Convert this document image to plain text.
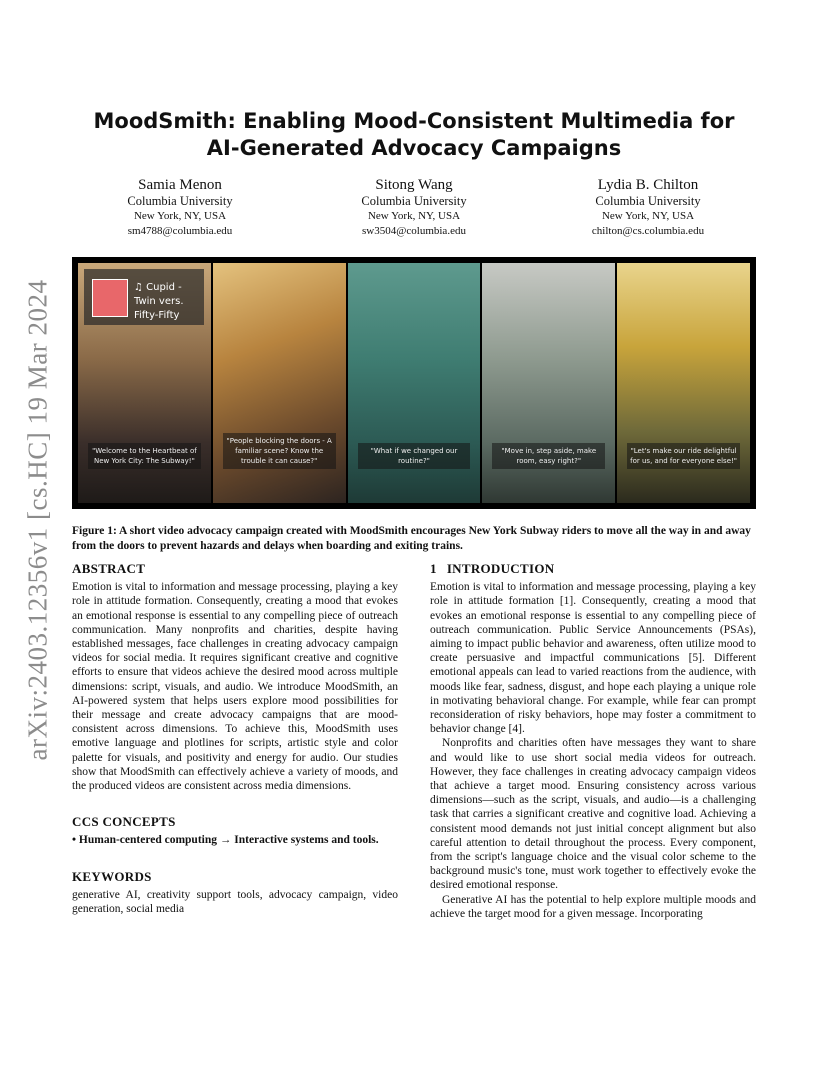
arXiv:2403.12356v1 [cs.HC] 19 Mar 2024
MoodSmith: Enabling Mood-Consistent Multimedia for
AI-Generated Advocacy Campaigns
Samia Menon
Columbia University
New York, NY, USA
sm4788@columbia.edu
Sitong Wang
Columbia University
New York, NY, USA
sw3504@columbia.edu
Lydia B. Chilton
Columbia University
New York, NY, USA
chilton@cs.columbia.edu
♫ Cupid - Twin vers.
Fifty-Fifty
"Welcome to the Heartbeat of New York City: The Subway!"
"People blocking the doors - A familiar scene? Know the trouble it can cause?"
"What if we changed our routine?"
"Move in, step aside, make room, easy right?"
"Let's make our ride delightful for us, and for everyone else!"
Figure 1: A short video advocacy campaign created with MoodSmith encourages New York Subway riders to move all the way in and away from the doors to prevent hazards and delays when boarding and exiting trains.
ABSTRACT

Emotion is vital to information and message processing, playing a key role in attitude formation. Consequently, creating a mood that evokes an emotional response is essential to any compelling piece of outreach communication. Many nonprofits and charities, despite having established messages, face challenges in creating advocacy campaign videos for social media. It requires significant creative and cognitive efforts to ensure that videos achieve the desired mood across multiple dimensions: script, visuals, and audio. We introduce MoodSmith, an AI-powered system that helps users explore mood possibilities for their message and create advocacy campaigns that are mood-consistent across dimensions. To achieve this, MoodSmith uses emotive language and plotlines for scripts, artistic style and color palette for visuals, and positivity and energy for audio. Our studies show that MoodSmith can effectively achieve a variety of moods, and the produced videos are consistent across media dimensions.

CCS CONCEPTS

• Human-centered computing → Interactive systems and tools.

KEYWORDS

generative AI, creativity support tools, advocacy campaign, video generation, social media

1 INTRODUCTION

Emotion is vital to information and message processing, playing a key role in attitude formation [1]. Consequently, creating a mood that evokes an emotional response is essential to any compelling piece of outreach communication. Public Service Announcements (PSAs), aiming to impact public behavior and awareness, often utilize mood to create persuasive and impactful communications [5]. Different emotional appeals can lead to varied reactions from the audience, with moods like fear, sadness, disgust, and hope each playing a unique role in motivating behavioral change. For example, while fear can prompt reconsideration of risky behaviors, hope may foster a commitment to behavior change [4].

Nonprofits and charities often have messages they want to share and would like to use short social media videos for outreach. However, they face challenges in creating advocacy campaign videos that achieve a target mood. Ensuring consistency across various dimensions—such as the script, visuals, and audio—is a challenging task that carries a significant creative and cognitive load. Achieving a consistent mood demands not just initial concept alignment but also careful attention to detail throughout the process. Every component, from the script's language choice and the visual color scheme to the background music's tone, must work together to effectively evoke the desired emotional response.

Generative AI has the potential to help explore multiple moods and achieve the target mood for a given message. Incorporating
